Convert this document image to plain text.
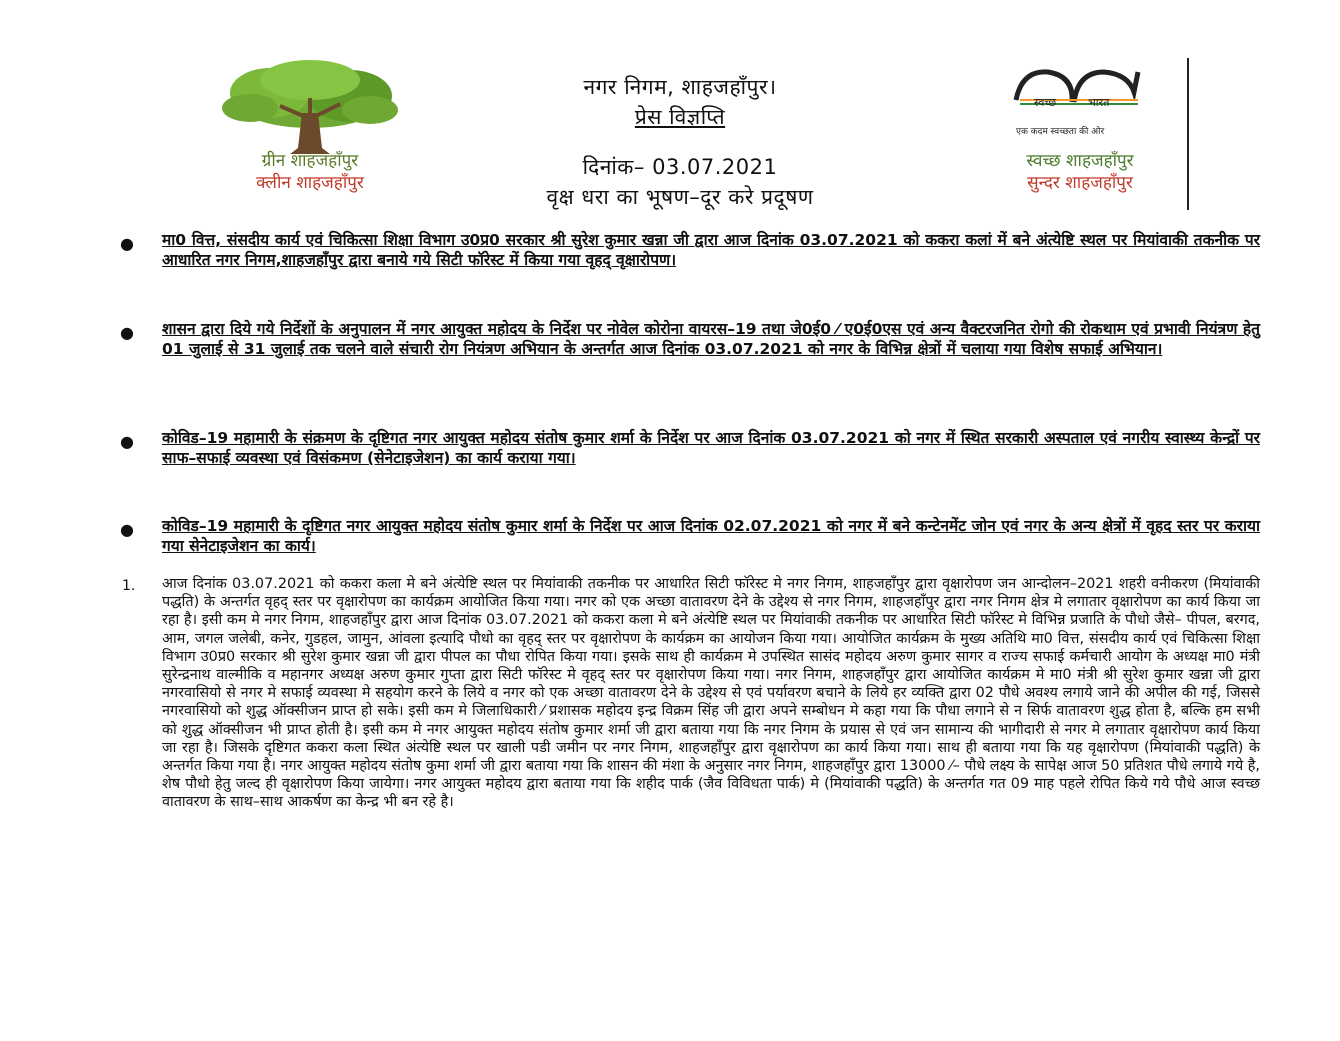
ग्रीन शाहजहाँपुर
क्लीन शाहजहाँपुर
नगर निगम, शाहजहाँपुर।
प्रेस विज्ञप्ति
दिनांक– 03.07.2021
वृक्ष धरा का भूषण–दूर करे प्रदूषण
स्वच्छ	भारत
एक कदम स्वच्छता की ओर
स्वच्छ शाहजहाँपुर
सुन्दर शाहजहाँपुर
● मा0 वित्त, संसदीय कार्य एवं चिकित्सा शिक्षा विभाग उ0प्र0 सरकार श्री सुरेश कुमार खन्ना जी द्वारा आज दिनांक 03.07.2021 को ककरा कलां में बने अंत्येष्टि स्थल पर मियांवाकी तकनीक पर आधारित नगर निगम,शाहजहाँपुर द्वारा बनाये गये सिटी फॉरेस्ट में किया गया वृहद् वृक्षारोपण।
● शासन द्वारा दिये गये निर्देशों के अनुपालन में नगर आयुक्त महोदय के निर्देश पर नोवेल कोरोना वायरस–19 तथा जे0ई0 ⁄ ए0ई0एस एवं अन्य वैक्टरजनित रोगो की रोकथाम एवं प्रभावी नियंत्रण हेतु 01 जुलाई से 31 जुलाई तक चलने वाले संचारी रोग नियंत्रण अभियान के अन्तर्गत आज दिनांक 03.07.2021 को नगर के विभिन्न क्षेत्रों में चलाया गया विशेष सफाई अभियान।
● कोविड–19 महामारी के संक्रमण के दृष्टिगत नगर आयुक्त महोदय संतोष कुमार शर्मा के निर्देश पर आज दिनांक 03.07.2021 को नगर में स्थित सरकारी अस्पताल एवं नगरीय स्वास्थ्य केन्द्रों पर साफ–सफाई व्यवस्था एवं विसंकमण (सेनेटाइजेशन) का कार्य कराया गया।
● कोविड–19 महामारी के दृष्टिगत नगर आयुक्त महोदय संतोष कुमार शर्मा के निर्देश पर आज दिनांक 02.07.2021 को नगर में बने कन्टेनमेंट जोन एवं नगर के अन्य क्षेत्रों में वृहद स्तर पर कराया गया सेनेटाइजेशन का कार्य।
1. आज दिनांक 03.07.2021 को ककरा कला मे बने अंत्येष्टि स्थल पर मियांवाकी तकनीक पर आधारित सिटी फॉरेस्ट मे नगर निगम, शाहजहाँपुर द्वारा वृक्षारोपण जन आन्दोलन–2021 शहरी वनीकरण (मियांवाकी पद्धति) के अन्तर्गत वृहद् स्तर पर वृक्षारोपण का कार्यक्रम आयोजित किया गया। नगर को एक अच्छा वातावरण देने के उद्देश्य से नगर निगम, शाहजहाँपुर द्वारा नगर निगम क्षेत्र मे लगातार वृक्षारोपण का कार्य किया जा रहा है। इसी कम मे नगर निगम, शाहजहाँपुर द्वारा आज दिनांक 03.07.2021 को ककरा कला मे बने अंत्येष्टि स्थल पर मियांवाकी तकनीक पर आधारित सिटी फॉरेस्ट मे विभिन्न प्रजाति के पौधो जैसे– पीपल, बरगद, आम, जगल जलेबी, कनेर, गुडहल, जामुन, आंवला इत्यादि पौधो का वृहद् स्तर पर वृक्षारोपण के कार्यक्रम का आयोजन किया गया। आयोजित कार्यक्रम के मुख्य अतिथि मा0 वित्त, संसदीय कार्य एवं चिकित्सा शिक्षा विभाग उ0प्र0 सरकार श्री सुरेश कुमार खन्ना जी द्वारा पीपल का पौधा रोपित किया गया। इसके साथ ही कार्यक्रम मे उपस्थित सासंद महोदय अरुण कुमार सागर व राज्य सफाई कर्मचारी आयोग के अध्यक्ष मा0 मंत्री सुरेन्द्रनाथ वाल्मीकि व महानगर अध्यक्ष अरुण कुमार गुप्ता द्वारा सिटी फॉरेस्ट मे वृहद् स्तर पर वृक्षारोपण किया गया। नगर निगम, शाहजहाँपुर द्वारा आयोजित कार्यक्रम मे मा0 मंत्री श्री सुरेश कुमार खन्ना जी द्वारा नगरवासियो से नगर मे सफाई व्यवस्था मे सहयोग करने के लिये व नगर को एक अच्छा वातावरण देने के उद्देश्य से एवं पर्यावरण बचाने के लिये हर व्यक्ति द्वारा 02 पौधे अवश्य लगाये जाने की अपील की गई, जिससे नगरवासियो को शुद्ध ऑक्सीजन प्राप्त हो सके। इसी कम मे जिलाधिकारी ⁄ प्रशासक महोदय इन्द्र विक्रम सिंह जी द्वारा अपने सम्बोधन मे कहा गया कि पौधा लगाने से न सिर्फ वातावरण शुद्ध होता है, बल्कि हम सभी को शुद्ध ऑक्सीजन भी प्राप्त होती है। इसी कम मे नगर आयुक्त महोदय संतोष कुमार शर्मा जी द्वारा बताया गया कि नगर निगम के प्रयास से एवं जन सामान्य की भागीदारी से नगर मे लगातार वृक्षारोपण कार्य किया जा रहा है। जिसके दृष्टिगत ककरा कला स्थित अंत्येष्टि स्थल पर खाली पडी जमीन पर नगर निगम, शाहजहाँपुर द्वारा वृक्षारोपण का कार्य किया गया। साथ ही बताया गया कि यह वृक्षारोपण (मियांवाकी पद्धति) के अन्तर्गत किया गया है। नगर आयुक्त महोदय संतोष कुमा शर्मा जी द्वारा बताया गया कि शासन की मंशा के अनुसार नगर निगम, शाहजहाँपुर द्वारा 13000 ⁄– पौधे लक्ष्य के सापेक्ष आज 50 प्रतिशत पौधे लगाये गये है, शेष पौधो हेतु जल्द ही वृक्षारोपण किया जायेगा। नगर आयुक्त महोदय द्वारा बताया गया कि शहीद पार्क (जैव विविधता पार्क) मे (मियांवाकी पद्धति) के अन्तर्गत गत 09 माह पहले रोपित किये गये पौधे आज स्वच्छ वातावरण के साथ–साथ आकर्षण का केन्द्र भी बन रहे है।
